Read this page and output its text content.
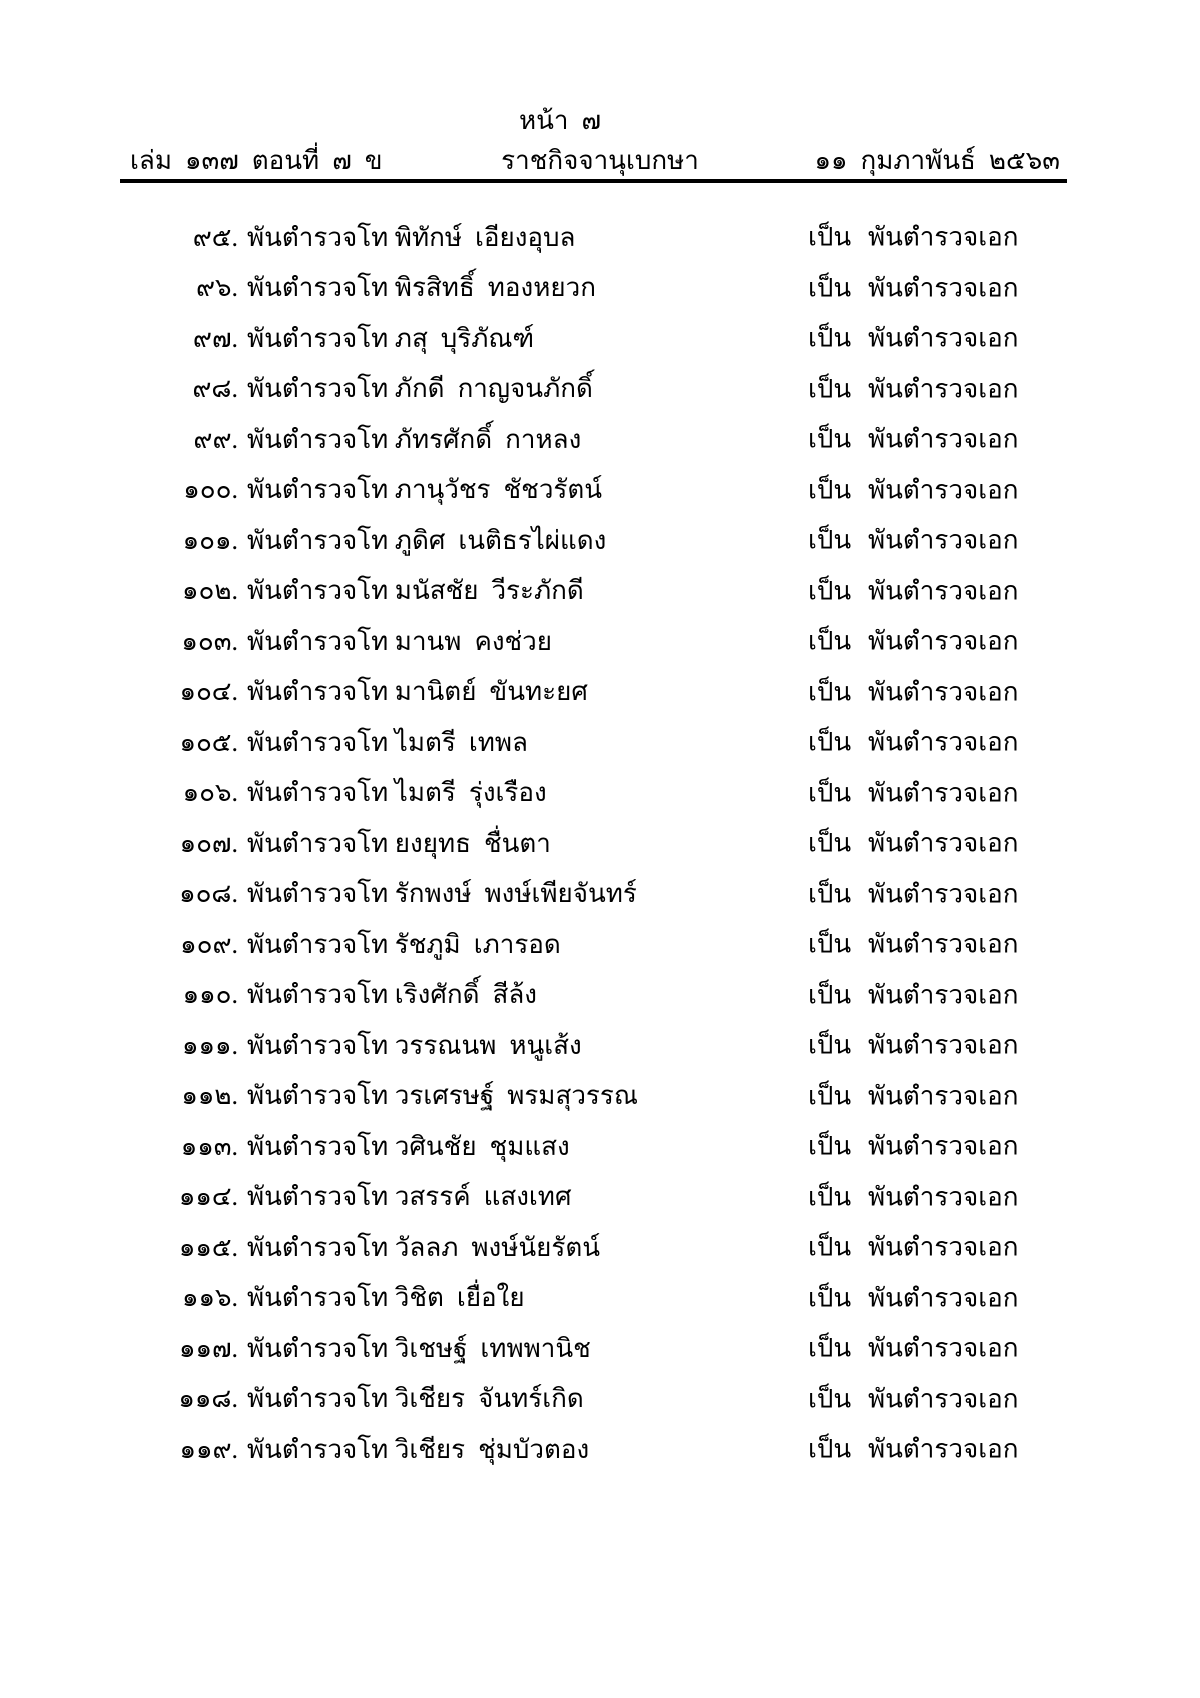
หน้า  ๗
เล่ม  ๑๓๗  ตอนที่  ๗  ข	ราชกิจจานุเบกษา	๑๑  กุมภาพันธ์  ๒๕๖๓
๙๕. พันตำรวจโท พิทักษ์  เอียงอุบล	เป็น พันตำรวจเอก
๙๖. พันตำรวจโท พิรสิทธิ์  ทองหยวก	เป็น พันตำรวจเอก
๙๗. พันตำรวจโท ภสุ  บุริภัณฑ์	เป็น พันตำรวจเอก
๙๘. พันตำรวจโท ภักดี  กาญจนภักดิ์	เป็น พันตำรวจเอก
๙๙. พันตำรวจโท ภัทรศักดิ์  กาหลง	เป็น พันตำรวจเอก
๑๐๐. พันตำรวจโท ภานุวัชร  ชัชวรัตน์	เป็น พันตำรวจเอก
๑๐๑. พันตำรวจโท ภูดิศ  เนติธรไผ่แดง	เป็น พันตำรวจเอก
๑๐๒. พันตำรวจโท มนัสชัย  วีระภักดี	เป็น พันตำรวจเอก
๑๐๓. พันตำรวจโท มานพ  คงช่วย	เป็น พันตำรวจเอก
๑๐๔. พันตำรวจโท มานิตย์  ขันทะยศ	เป็น พันตำรวจเอก
๑๐๕. พันตำรวจโท ไมตรี  เทพล	เป็น พันตำรวจเอก
๑๐๖. พันตำรวจโท ไมตรี  รุ่งเรือง	เป็น พันตำรวจเอก
๑๐๗. พันตำรวจโท ยงยุทธ  ชื่นตา	เป็น พันตำรวจเอก
๑๐๘. พันตำรวจโท รักพงษ์  พงษ์เพียจันทร์	เป็น พันตำรวจเอก
๑๐๙. พันตำรวจโท รัชภูมิ  เภารอด	เป็น พันตำรวจเอก
๑๑๐. พันตำรวจโท เริงศักดิ์  สีล้ง	เป็น พันตำรวจเอก
๑๑๑. พันตำรวจโท วรรณนพ  หนูเส้ง	เป็น พันตำรวจเอก
๑๑๒. พันตำรวจโท วรเศรษฐ์  พรมสุวรรณ	เป็น พันตำรวจเอก
๑๑๓. พันตำรวจโท วศินชัย  ชุมแสง	เป็น พันตำรวจเอก
๑๑๔. พันตำรวจโท วสรรค์  แสงเทศ	เป็น พันตำรวจเอก
๑๑๕. พันตำรวจโท วัลลภ  พงษ์นัยรัตน์	เป็น พันตำรวจเอก
๑๑๖. พันตำรวจโท วิชิต  เยื่อใย	เป็น พันตำรวจเอก
๑๑๗. พันตำรวจโท วิเชษฐ์  เทพพานิช	เป็น พันตำรวจเอก
๑๑๘. พันตำรวจโท วิเชียร  จันทร์เกิด	เป็น พันตำรวจเอก
๑๑๙. พันตำรวจโท วิเชียร  ชุ่มบัวตอง	เป็น พันตำรวจเอก
